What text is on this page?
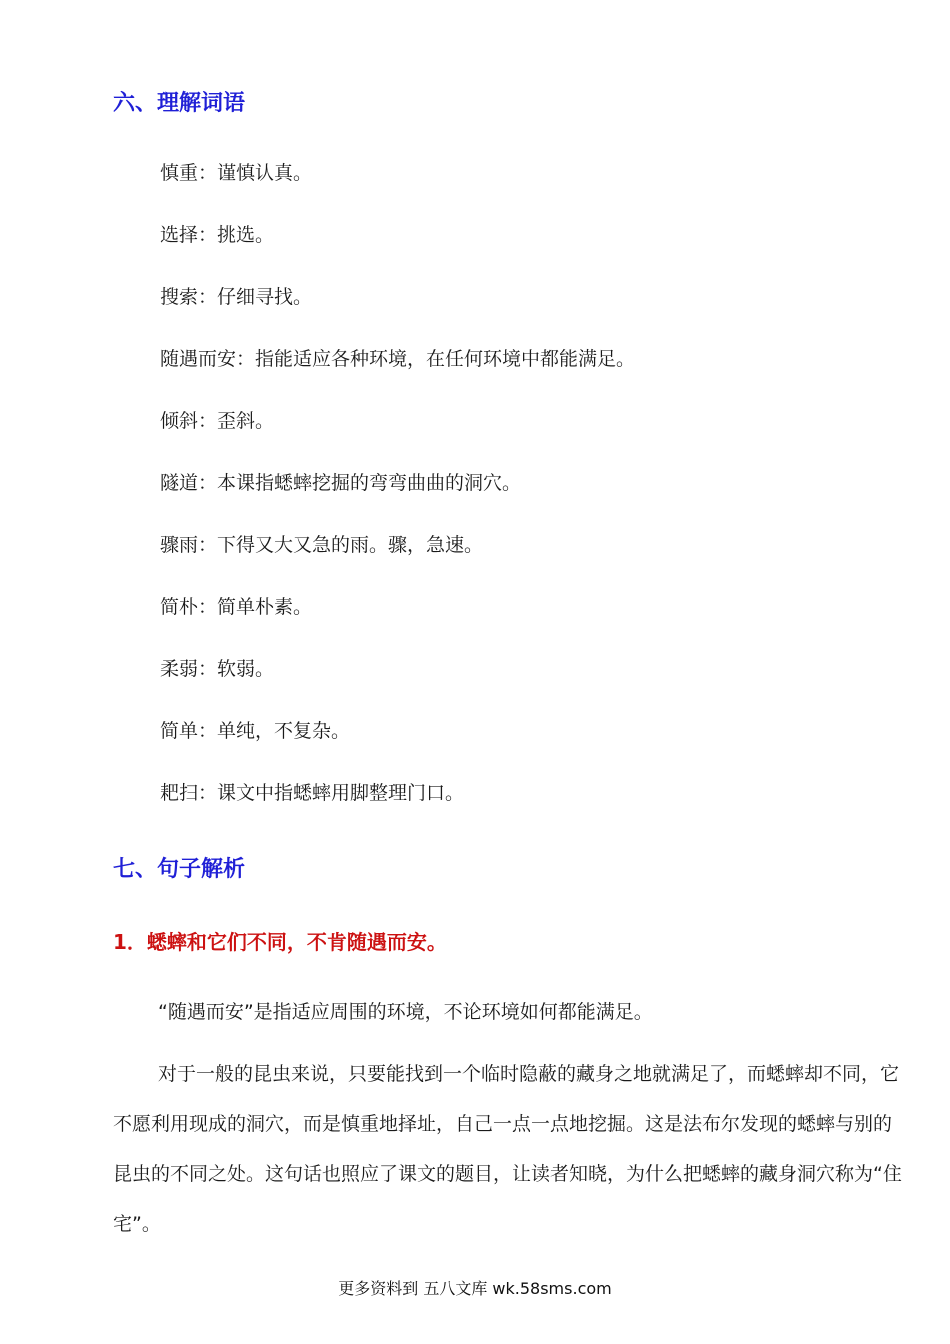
六、理解词语
慎重：谨慎认真。
选择：挑选。
搜索：仔细寻找。
随遇而安：指能适应各种环境，在任何环境中都能满足。
倾斜：歪斜。
隧道：本课指蟋蟀挖掘的弯弯曲曲的洞穴。
骤雨：下得又大又急的雨。骤，急速。
简朴：简单朴素。
柔弱：软弱。
简单：单纯，不复杂。
耙扫：课文中指蟋蟀用脚整理门口。
七、句子解析
1．蟋蟀和它们不同，不肯随遇而安。

“随遇而安”是指适应周围的环境，不论环境如何都能满足。

对于一般的昆虫来说，只要能找到一个临时隐蔽的藏身之地就满足了，而蟋蟀却不同，它不愿利用现成的洞穴，而是慎重地择址，自己一点一点地挖掘。这是法布尔发现的蟋蟀与别的昆虫的不同之处。这句话也照应了课文的题目，让读者知晓，为什么把蟋蟀的藏身洞穴称为“住宅”。

更多资料到 五八文库 wk.58sms.com
